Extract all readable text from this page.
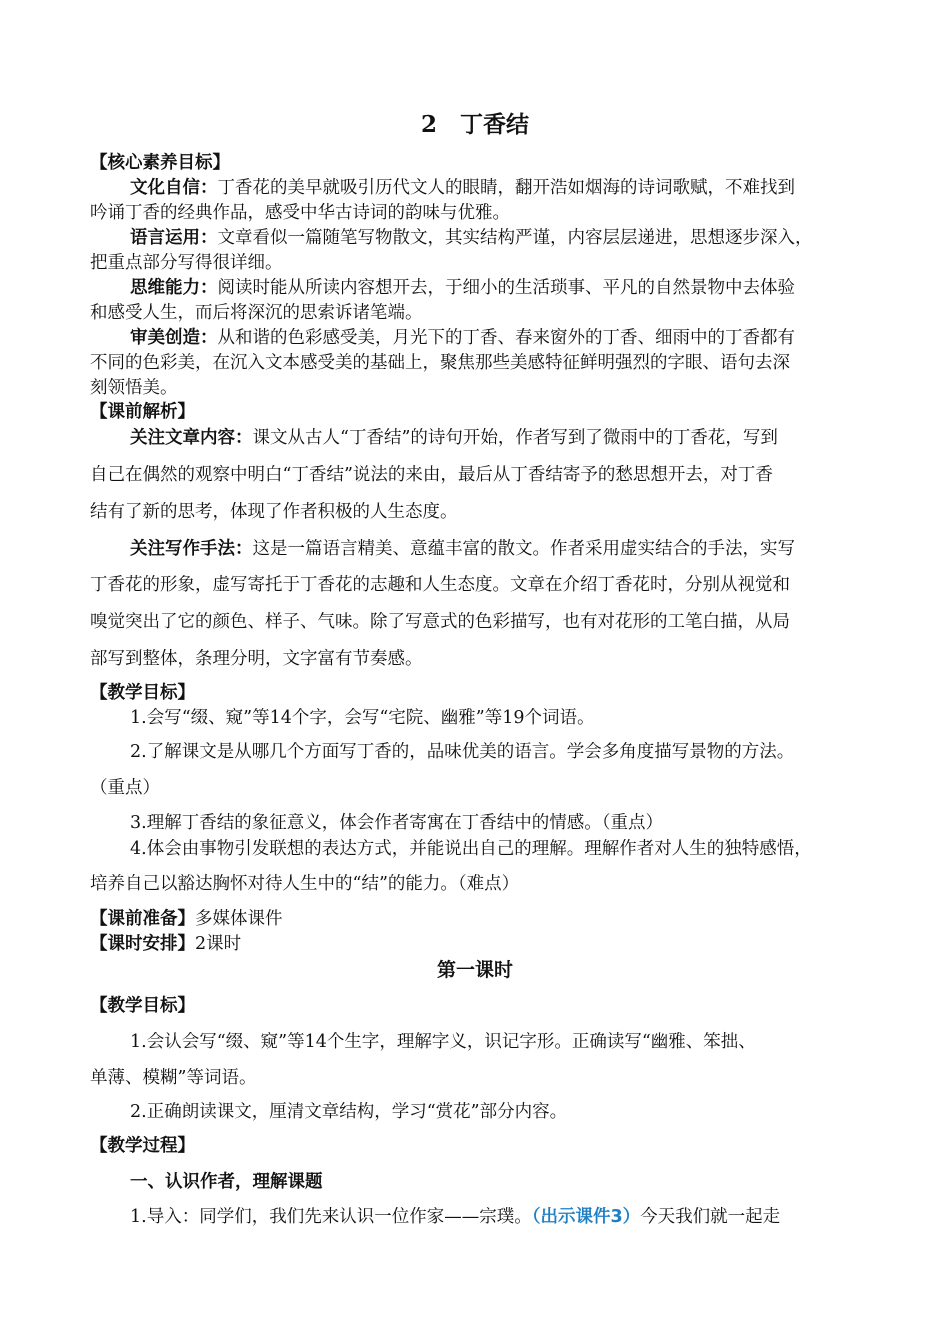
2　丁香结
【核心素养目标】
文化自信：丁香花的美早就吸引历代文人的眼睛，翻开浩如烟海的诗词歌赋，不难找到
吟诵丁香的经典作品，感受中华古诗词的韵味与优雅。
语言运用：文章看似一篇随笔写物散文，其实结构严谨，内容层层递进，思想逐步深入，
把重点部分写得很详细。
思维能力：阅读时能从所读内容想开去，于细小的生活琐事、平凡的自然景物中去体验
和感受人生，而后将深沉的思索诉诸笔端。
审美创造：从和谐的色彩感受美，月光下的丁香、春来窗外的丁香、细雨中的丁香都有
不同的色彩美，在沉入文本感受美的基础上，聚焦那些美感特征鲜明强烈的字眼、语句去深
刻领悟美。
【课前解析】
关注文章内容：课文从古人“丁香结”的诗句开始，作者写到了微雨中的丁香花，写到
自己在偶然的观察中明白“丁香结”说法的来由，最后从丁香结寄予的愁思想开去，对丁香
结有了新的思考，体现了作者积极的人生态度。
关注写作手法：这是一篇语言精美、意蕴丰富的散文。作者采用虚实结合的手法，实写
丁香花的形象，虚写寄托于丁香花的志趣和人生态度。文章在介绍丁香花时，分别从视觉和
嗅觉突出了它的颜色、样子、气味。除了写意式的色彩描写，也有对花形的工笔白描，从局
部写到整体，条理分明，文字富有节奏感。
【教学目标】
1.会写“缀、窥”等14个字，会写“宅院、幽雅”等19个词语。
2.了解课文是从哪几个方面写丁香的，品味优美的语言。学会多角度描写景物的方法。
（重点）
3.理解丁香结的象征意义，体会作者寄寓在丁香结中的情感。（重点）
4.体会由事物引发联想的表达方式，并能说出自己的理解。理解作者对人生的独特感悟，
培养自己以豁达胸怀对待人生中的“结”的能力。（难点）
【课前准备】多媒体课件
【课时安排】2课时
第一课时
【教学目标】
1.会认会写“缀、窥”等14个生字，理解字义，识记字形。正确读写“幽雅、笨拙、
单薄、模糊”等词语。
2.正确朗读课文，厘清文章结构，学习“赏花”部分内容。
【教学过程】
一、认识作者，理解课题
1.导入：同学们，我们先来认识一位作家——宗璞。（出示课件3）今天我们就一起走
